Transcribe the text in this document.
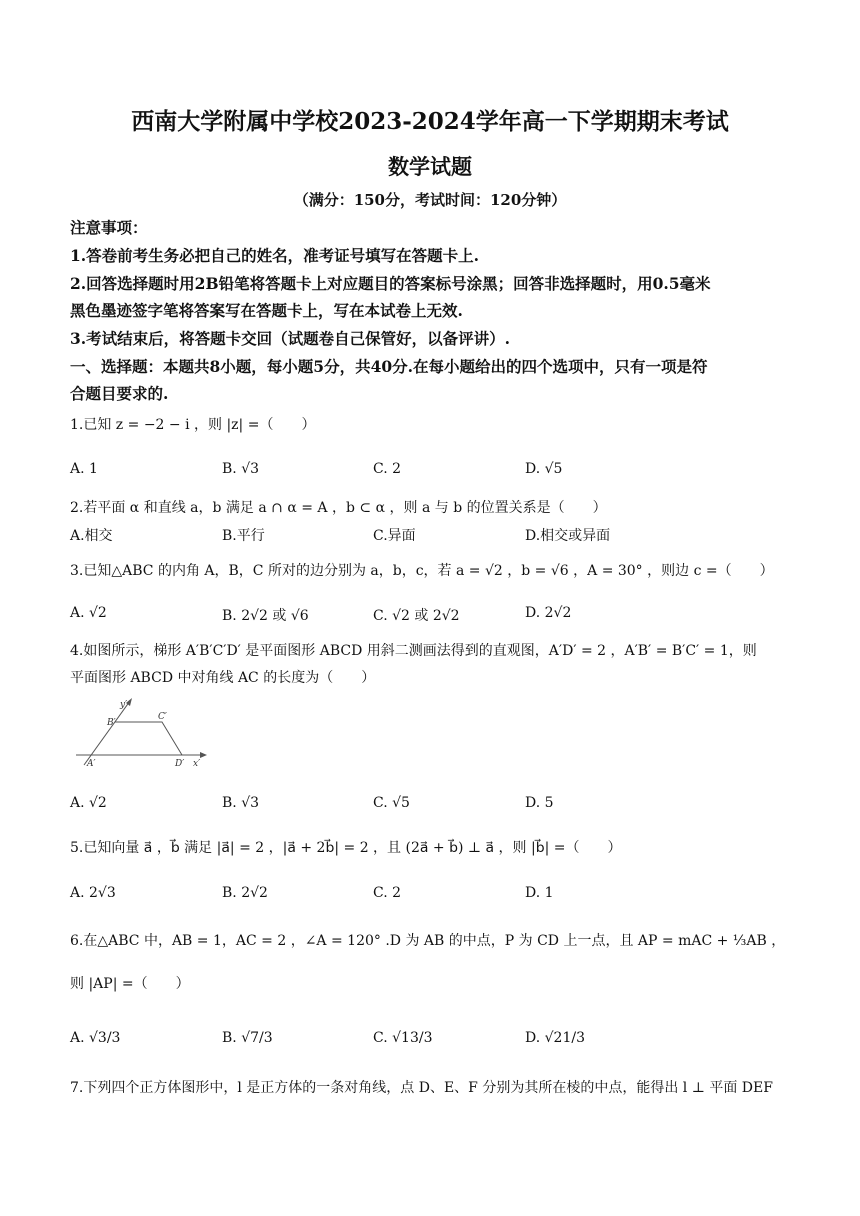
西南大学附属中学校2023-2024学年高一下学期期末考试
数学试题
（满分：150分，考试时间：120分钟）
注意事项：
1.答卷前考生务必把自己的姓名，准考证号填写在答题卡上.
2.回答选择题时用2B铅笔将答题卡上对应题目的答案标号涂黑；回答非选择题时，用0.5毫米
黑色墨迹签字笔将答案写在答题卡上，写在本试卷上无效.
3.考试结束后，将答题卡交回（试题卷自己保管好，以备评讲）.
一、选择题：本题共8小题，每小题5分，共40分.在每小题给出的四个选项中，只有一项是符
合题目要求的.
1.已知 z = −2 − i ，则 |z| =（　　）
A. 1	B. √3	C. 2	D. √5
2.若平面 α 和直线 a，b 满足 a ∩ α = A ，b ⊂ α ，则 a 与 b 的位置关系是（　　）
A.相交	B.平行	C.异面	D.相交或异面
3.已知△ABC 的内角 A，B，C 所对的边分别为 a，b，c，若 a = √2 ，b = √6 ，A = 30° ，则边 c =（　　）
A. √2	B. 2√2 或 √6	C. √2 或 2√2	D. 2√2
4.如图所示，梯形 A′B′C′D′ 是平面图形 ABCD 用斜二测画法得到的直观图，A′D′ = 2 ，A′B′ = B′C′ = 1，则
平面图形 ABCD 中对角线 AC 的长度为（　　）
y′
B′
C′
A′	D′ x′
A. √2	B. √3	C. √5	D. 5
5.已知向量 a⃗ ，b⃗ 满足 |a⃗| = 2 ，|a⃗ + 2b⃗| = 2 ，且 (2a⃗ + b⃗) ⊥ a⃗ ，则 |b⃗| =（　　）
A. 2√3	B. 2√2	C. 2	D. 1
6.在△ABC 中，AB = 1，AC = 2 ，∠A = 120° .D 为 AB 的中点，P 为 CD 上一点，且 AP = mAC + ⅓AB ，
则 |AP| =（　　）
A. √3/3	B. √7/3	C. √13/3	D. √21/3
7.下列四个正方体图形中，l 是正方体的一条对角线，点 D、E、F 分别为其所在棱的中点，能得出 l ⊥ 平面 DEF
